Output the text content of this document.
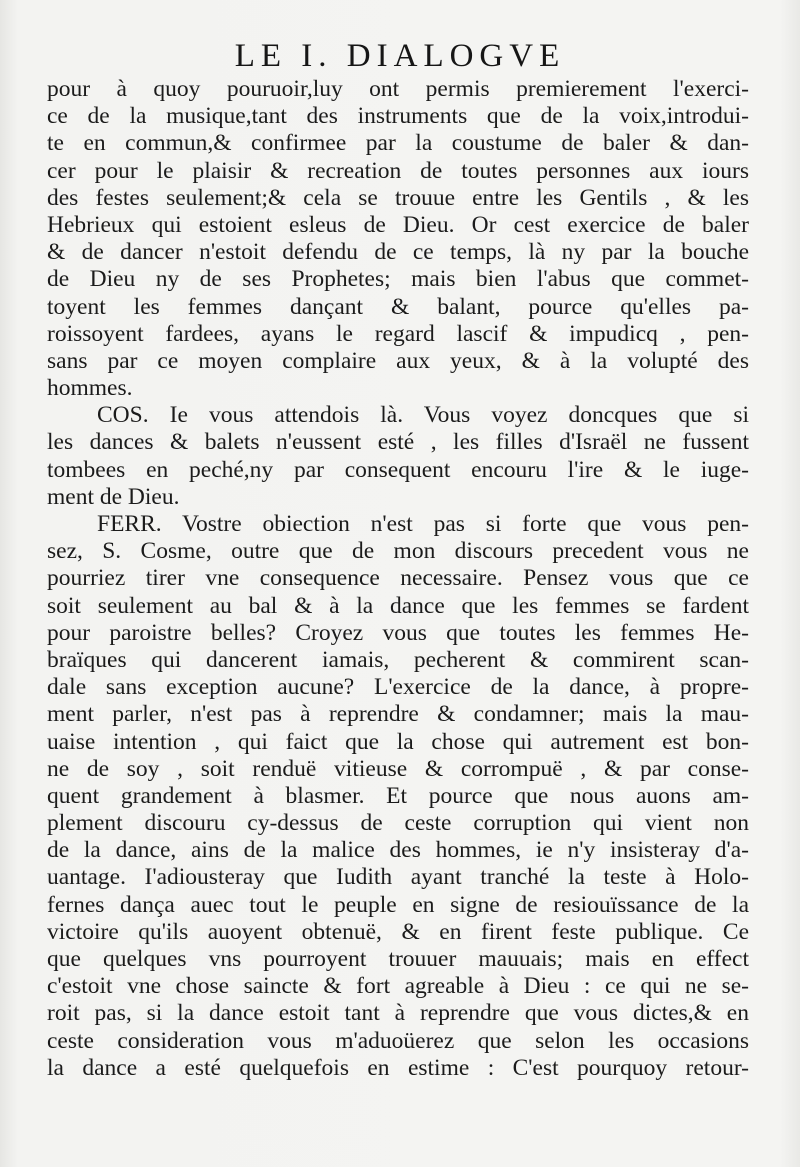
LE I. DIALOGVE
pour à quoy pouruoir,luy ont permis premierement l'exerci-
ce de la musique,tant des instruments que de la voix,introdui-
te en commun,& confirmee par la coustume de baler & dan-
cer pour le plaisir & recreation de toutes personnes aux iours
des festes seulement;& cela se trouue entre les Gentils , & les
Hebrieux qui estoient esleus de Dieu. Or cest exercice de baler
& de dancer n'estoit defendu de ce temps, là ny par la bouche
de Dieu ny de ses Prophetes; mais bien l'abus que commet-
toyent les femmes dançant & balant, pource qu'elles pa-
roissoyent fardees, ayans le regard lascif & impudicq , pen-
sans par ce moyen complaire aux yeux, & à la volupté des
hommes.
COS. Ie vous attendois là. Vous voyez doncques que si
les dances & balets n'eussent esté , les filles d'Israël ne fussent
tombees en peché,ny par consequent encouru l'ire & le iuge-
ment de Dieu.
FERR. Vostre obiection n'est pas si forte que vous pen-
sez, S. Cosme, outre que de mon discours precedent vous ne
pourriez tirer vne consequence necessaire. Pensez vous que ce
soit seulement au bal & à la dance que les femmes se fardent
pour paroistre belles? Croyez vous que toutes les femmes He-
braïques qui dancerent iamais, pecherent & commirent scan-
dale sans exception aucune? L'exercice de la dance, à propre-
ment parler, n'est pas à reprendre & condamner; mais la mau-
uaise intention , qui faict que la chose qui autrement est bon-
ne de soy , soit renduë vitieuse & corrompuë , & par conse-
quent grandement à blasmer. Et pource que nous auons am-
plement discouru cy-dessus de ceste corruption qui vient non
de la dance, ains de la malice des hommes, ie n'y insisteray d'a-
uantage. I'adiousteray que Iudith ayant tranché la teste à Holo-
fernes dança auec tout le peuple en signe de resiouïssance de la
victoire qu'ils auoyent obtenuë, & en firent feste publique. Ce
que quelques vns pourroyent trouuer mauuais; mais en effect
c'estoit vne chose saincte & fort agreable à Dieu : ce qui ne se-
roit pas, si la dance estoit tant à reprendre que vous dictes,& en
ceste consideration vous m'aduoüerez que selon les occasions
la dance a esté quelquefois en estime : C'est pourquoy retour-
